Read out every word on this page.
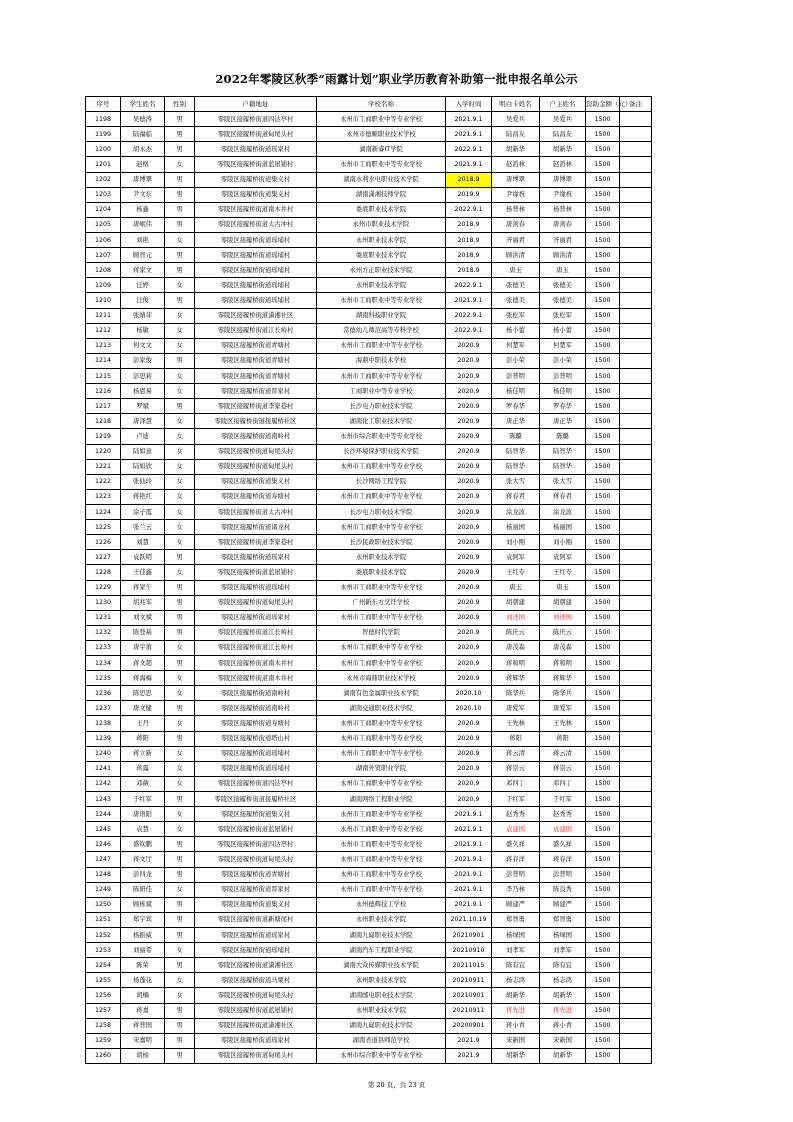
2022年零陵区秋季“雨露计划”职业学历教育补助第一批申报名单公示
序号	学生姓名	性别	户籍地址	学校名称	入学时间	明白卡姓名	户主姓名	资助金额（元）	备注
1198	吴德涛	男	零陵区接履桥街道四达亭村	永州市工商职业中等专业学校	2021.9.1	吴爱兵	吴爱兵	1500	
1199	陆福临	男	零陵区接履桥街道甸尾头村	永州市德顺职业技术学校	2021.9.1	陆昌友	陆昌友	1500	
1200	胡永杰	男	零陵区接履桥街道瑶家村	湖南新睿IT学院	2022.9.1	胡新华	胡新华	1500	
1201	赵格	女	零陵区接履桥街道蓝屋铺村	永州市工商职业中等专业学校	2021.9.1	赵滔林	赵滔林	1500	
1202	唐博翠	男	零陵区接履桥街道集义村	湖南水利水电职业技术学院	2018.9	唐博翠	唐博翠	1500	
1203	尹文东	男	零陵区接履桥街道集义村	湖南潇湘技师学院	2019.9	尹缘祝	尹缘祝	1500	
1204	杨鑫	男	零陵区接履桥街道南木井村	娄底职业技术学院	2022.9.1	杨普林	杨普林	1500	
1205	唐岷伟	男	零陵区接履桥街道太古冲村	永州市职业技术学院	2018.9	唐剑春	唐剑春	1500	
1206	刘艳	女	零陵区接履桥街道瑶埔村	永州职业技术学院	2018.9	齐丽君	齐丽君	1500	
1207	顾智元	男	零陵区接履桥街道瑶埔村	娄底职业技术学院	2018.9	顾洪清	顾洪清	1500	
1208	蒋家文	男	零陵区接履桥街道瑶埔村	永州方正职业技术学院	2018.9	唐玉	唐玉	1500	
1209	汪婷	女	零陵区接履桥街道瑶埔村	永州职业技术学院	2022.9.1	张德美	张德美	1500	
1210	汪俊	男	零陵区接履桥街道瑶埔村	永州市工商职业中等专业学校	2021.9.1	张德美	张德美	1500	
1211	张婧菲	女	零陵区接履桥街道潇湘社区	湖南科技职业学院	2022.9.1	张松军	张松军	1500	
1212	杨敏	女	零陵区接履桥街道江长岭村	常德幼儿师范高等专科学校	2022.9.1	杨小蕾	杨小蕾	1500	
1213	何文文	女	零陵区接履桥街道青塘村	永州市工商职业中等专业学校	2020.9	何楚军	何楚军	1500	
1214	彭家俊	男	零陵区接履桥街道青塘村	海鼎中职技术学校	2020.9	彭小荣	彭小荣	1500	
1215	彭思莉	女	零陵区接履桥街道青塘村	永州市工商职业中等专业学校	2020.9	彭普明	彭普明	1500	
1216	杨恩易	女	零陵区接履桥街道晋家村	工商职业中等专业学校	2020.9	杨佳明	杨佳明	1500	
1217	罗斌	男	零陵区接履桥街道李家巷村	长沙电力职业技术学院	2020.9	罗春华	罗春华	1500	
1218	唐泽慧	女	零陵区接履桥街道接履桥社区	湖南化工职业技术学院	2020.9	唐正华	唐正华	1500	
1219	卢迪	女	零陵区接履桥街道南岭村	永州市综合职业中等专业学校	2020.9	陈璐	陈璐	1500	
1220	陆如意	女	零陵区接履桥街道甸尾头村	长沙环境保护职业技术学院	2020.9	陆智华	陆智华	1500	
1221	陆如欣	女	零陵区接履桥街道甸尾头村	永州市工商职业中等专业学校	2020.9	陆智华	陆智华	1500	
1222	张仙玲	女	零陵区接履桥街道集义村	长沙网络工程学院	2020.9	张大雪	张大雪	1500	
1223	蒋艳红	女	零陵区接履桥街道寿塘村	永州市工商职业中等专业学校	2020.9	蒋春君	蒋春君	1500	
1224	涂子霞	女	零陵区接履桥街道太古冲村	长沙电力职业技术学院	2020.9	涂龙波	涂龙波	1500	
1225	张兰云	女	零陵区接履桥街道诸龙村	永州市工商职业中等专业学校	2020.9	杨丽国	杨丽国	1500	
1226	刘慧	女	零陵区接履桥街道李家巷村	长沙民政职业技术学院	2020.9	刘小刚	刘小刚	1500	
1227	袁跃明	男	零陵区接履桥街道瑶家村	永州职业技术学院	2020.9	袁阿军	袁阿军	1500	
1228	王佳鑫	女	零陵区接履桥街道蓝屋铺村	娄底职业技术学院	2020.9	王红专	王红专	1500	
1229	蒋家午	男	零陵区接履桥街道瑶埔村	永州市工商职业中等专业学校	2020.9	唐玉	唐玉	1500	
1230	胡兆军	男	零陵区接履桥街道甸尾头村	广州新东方烹饪学校	2020.9	胡朝建	胡朝建	1500	
1231	刘文斌	男	零陵区接履桥街道瑶家村	永州市工商职业中等专业学校	2020.9	刘述国	刘述国	1500	
1232	陈登基	男	零陵区接履桥街道江长岭村	智德时代学院	2020.9	陈庆云	陈庆云	1500	
1233	唐宇莆	女	零陵区接履桥街道江长岭村	永州市工商职业中等专业学校	2020.9	唐茂森	唐茂森	1500	
1234	蒋文超	男	零陵区接履桥街道南木井村	永州市工商职业中等专业学校	2020.9	蒋和明	蒋和明	1500	
1235	蒋海梅	女	零陵区接履桥街道南木井村	永州市海鼎职业技术学校	2020.9	蒋辉华	蒋辉华	1500	
1236	陈思思	女	零陵区接履桥街道南岭村	湖南有色金属职业技术学院	2020.10	陈华兵	陈华兵	1500	
1237	唐文健	男	零陵区接履桥街道南岭村	湖南交通职业技术学院	2020.10	唐爱军	唐爱军	1500	
1238	王丹	女	零陵区接履桥街道寿塘村	永州市工商职业中等专业学校	2020.9	王先林	王先林	1500	
1239	蒋阳	男	零陵区接履桥街道塔山村	永州市工商职业中等专业学校	2020.9	蒋阳	蒋阳	1500	
1240	蒋立新	女	零陵区接履桥街道瑶埔村	永州市工商职业中等专业学校	2020.9	蒋云清	蒋云清	1500	
1241	蒋露	女	零陵区接履桥街道瑶埔村	湖南外贸职业学院	2020.9	蒋崇云	蒋崇云	1500	
1242	邓薇	女	零陵区接履桥街道四达亭村	永州市工商职业中等专业学校	2020.9	邓四丁	邓四丁	1500	
1243	于红军	男	零陵区接履桥街道接履桥社区	湖南网络工程职业学院	2020.9	于红军	于红军	1500	
1244	唐语阳	女	零陵区接履桥街道集义村	永州市工商职业中等专业学校	2021.9.1	赵秀秀	赵秀秀	1500	
1245	袁慧	女	零陵区接履桥街道蓝屋铺村	永州市工商职业中等专业学校	2021.9.1	袁建国	袁建国	1500	
1246	盛钦鹏	男	零陵区接履桥街道四达亭村	永州市工商职业中等专业学校	2021.9.1	盛久祥	盛久祥	1500	
1247	蒋文厅	男	零陵区接履桥街道甸尾头村	永州市工商职业中等专业学校	2021.9.1	蒋春洋	蒋春洋	1500	
1248	彭四龙	男	零陵区接履桥街道青塘村	永州市工商职业中等专业学校	2021.9.1	彭普明	彭普明	1500	
1249	陈妍佳	女	零陵区接履桥街道晋家村	永州市工商职业中等专业学校	2021.9.1	李乃林	陈良秀	1500	
1250	顾栋斌	男	零陵区接履桥街道集义村	永州德辉技工学校	2021.9.1	顾建严	顾建严	1500	
1251	郑宇宾	男	零陵区接履桥街道新塘尾村	永州职业技术学院	2021.10.19	郑智勇	郑智勇	1500	
1252	杨振威	男	零陵区接履桥街道瑶家村	湖南九嶷职业技术学院	20210901	杨绿国	杨绿国	1500	
1253	刘丽希	女	零陵区接履桥街道瑶埔村	湖南汽车工程职业学院	20210910	刘孝军	刘孝军	1500	
1254	陈荣	男	零陵区接履桥街道潇湘社区	湖南大众传媒职业技术学院	20211015	陈有宜	陈有宜	1500	
1255	杨蓬花	女	零陵区接履桥街道马栗村	永州职业技术学院	20210911	杨志鸿	杨志鸿	1500	
1256	胡楠	女	零陵区接履桥街道甸尾头村	湖南邮电职业技术学院	20210901	胡新华	胡新华	1500	
1257	蒋嘉	男	零陵区接履桥街道蓝屋铺村	永州职业技术学院	20210911	蒋先进	蒋先进	1500	
1258	蒋普国	男	零陵区接履桥街道潇湘社区	湖南九嶷职业技术学院	20200901	蒋小青	蒋小青	1500	
1259	宋嘉明	男	零陵区接履桥街道瑶家村	湖南省道县师范学校	2021.9	宋新国	宋新国	1500	
1260	胡杨	男	零陵区接履桥街道甸尾头村	永州市综合职业中等专业学校	2021.9	胡新华	胡新华	1500	
第 20 页，共 23 页
